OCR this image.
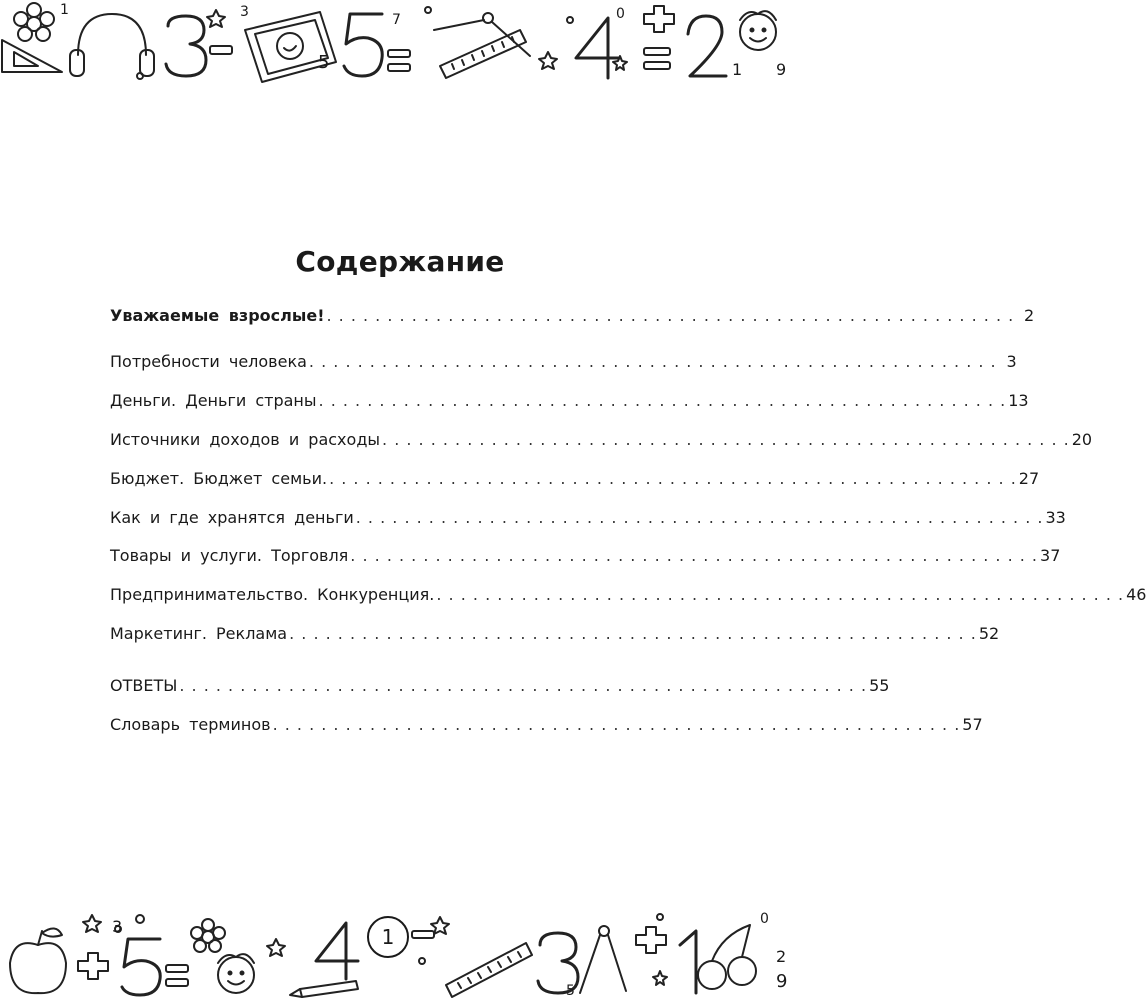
1	3
5
7
1 9
0
Содержание
Уважаемые взрослые! . . . . . . . . . . . . . . . . . . . . . . . . . . . . . . . . . . . . . . . . . . . . . . . . . . . . . . . . . 2
Потребности человека . . . . . . . . . . . . . . . . . . . . . . . . . . . . . . . . . . . . . . . . . . . . . . . . . . . . . . . . . 3
Деньги. Деньги страны . . . . . . . . . . . . . . . . . . . . . . . . . . . . . . . . . . . . . . . . . . . . . . . . . . . . . . . . . 13
Источники доходов и расходы . . . . . . . . . . . . . . . . . . . . . . . . . . . . . . . . . . . . . . . . . . . . . . . . . . . . . . . . . 20
Бюджет. Бюджет семьи. . . . . . . . . . . . . . . . . . . . . . . . . . . . . . . . . . . . . . . . . . . . . . . . . . . . . . . . . . 27
Как и где хранятся деньги . . . . . . . . . . . . . . . . . . . . . . . . . . . . . . . . . . . . . . . . . . . . . . . . . . . . . . . . . 33
Товары и услуги. Торговля . . . . . . . . . . . . . . . . . . . . . . . . . . . . . . . . . . . . . . . . . . . . . . . . . . . . . . . . . 37
Предпринимательство. Конкуренция. . . . . . . . . . . . . . . . . . . . . . . . . . . . . . . . . . . . . . . . . . . . . . . . . . . . . . . . . . 46
Маркетинг. Реклама . . . . . . . . . . . . . . . . . . . . . . . . . . . . . . . . . . . . . . . . . . . . . . . . . . . . . . . . . 52
ОТВЕТЫ . . . . . . . . . . . . . . . . . . . . . . . . . . . . . . . . . . . . . . . . . . . . . . . . . . . . . . . . . 55
Словарь терминов . . . . . . . . . . . . . . . . . . . . . . . . . . . . . . . . . . . . . . . . . . . . . . . . . . . . . . . . . 57
3
5
0
9
2
1
